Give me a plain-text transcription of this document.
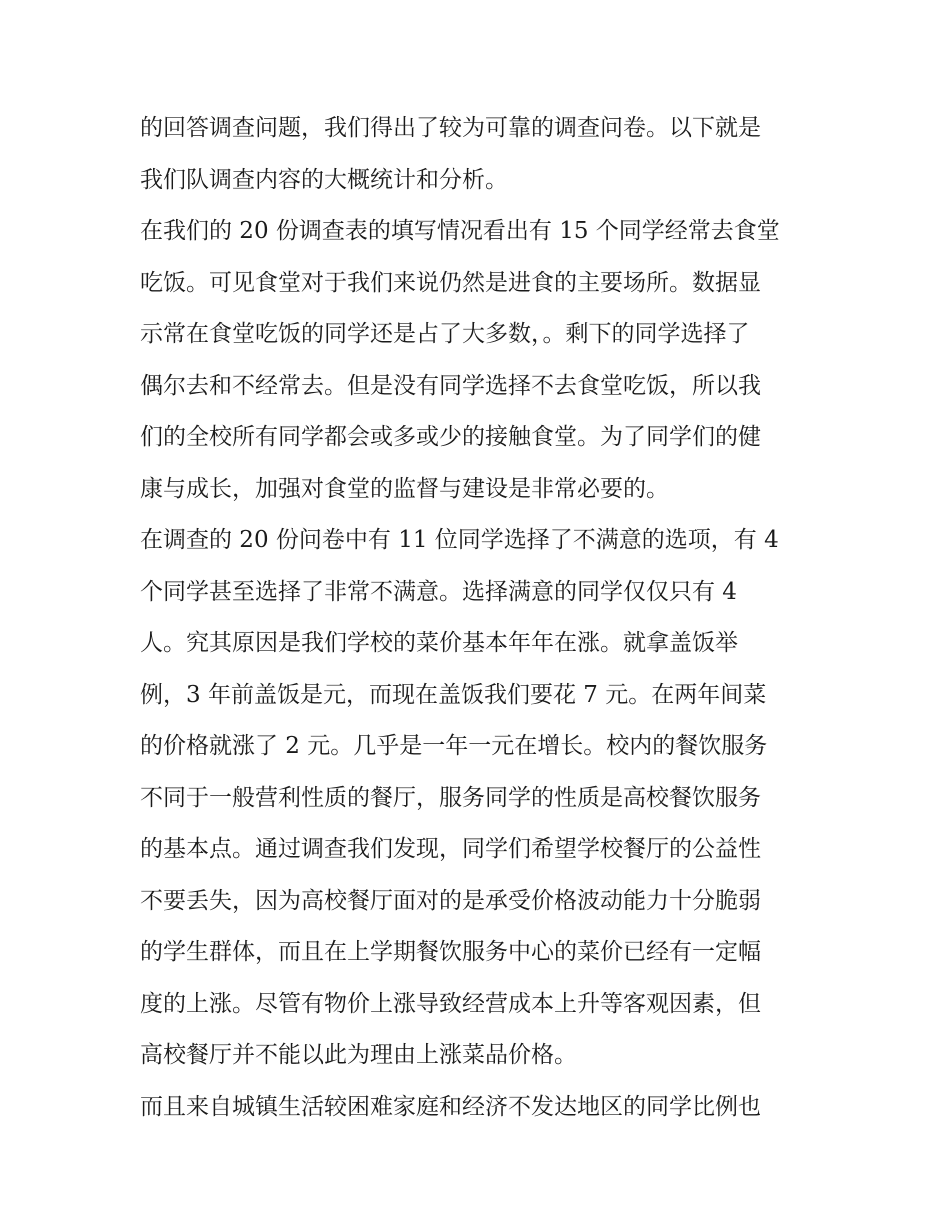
的回答调查问题，我们得出了较为可靠的调查问卷。以下就是
我们队调查内容的大概统计和分析。
在我们的 20 份调查表的填写情况看出有 15 个同学经常去食堂
吃饭。可见食堂对于我们来说仍然是进食的主要场所。数据显
示常在食堂吃饭的同学还是占了大多数，。剩下的同学选择了
偶尔去和不经常去。但是没有同学选择不去食堂吃饭，所以我
们的全校所有同学都会或多或少的接触食堂。为了同学们的健
康与成长，加强对食堂的监督与建设是非常必要的。
在调查的 20 份问卷中有 11 位同学选择了不满意的选项，有 4
个同学甚至选择了非常不满意。选择满意的同学仅仅只有 4
人。究其原因是我们学校的菜价基本年年在涨。就拿盖饭举
例，3 年前盖饭是元，而现在盖饭我们要花 7 元。在两年间菜
的价格就涨了 2 元。几乎是一年一元在增长。校内的餐饮服务
不同于一般营利性质的餐厅，服务同学的性质是高校餐饮服务
的基本点。通过调查我们发现，同学们希望学校餐厅的公益性
不要丢失，因为高校餐厅面对的是承受价格波动能力十分脆弱
的学生群体，而且在上学期餐饮服务中心的菜价已经有一定幅
度的上涨。尽管有物价上涨导致经营成本上升等客观因素，但
高校餐厅并不能以此为理由上涨菜品价格。
而且来自城镇生活较困难家庭和经济不发达地区的同学比例也
